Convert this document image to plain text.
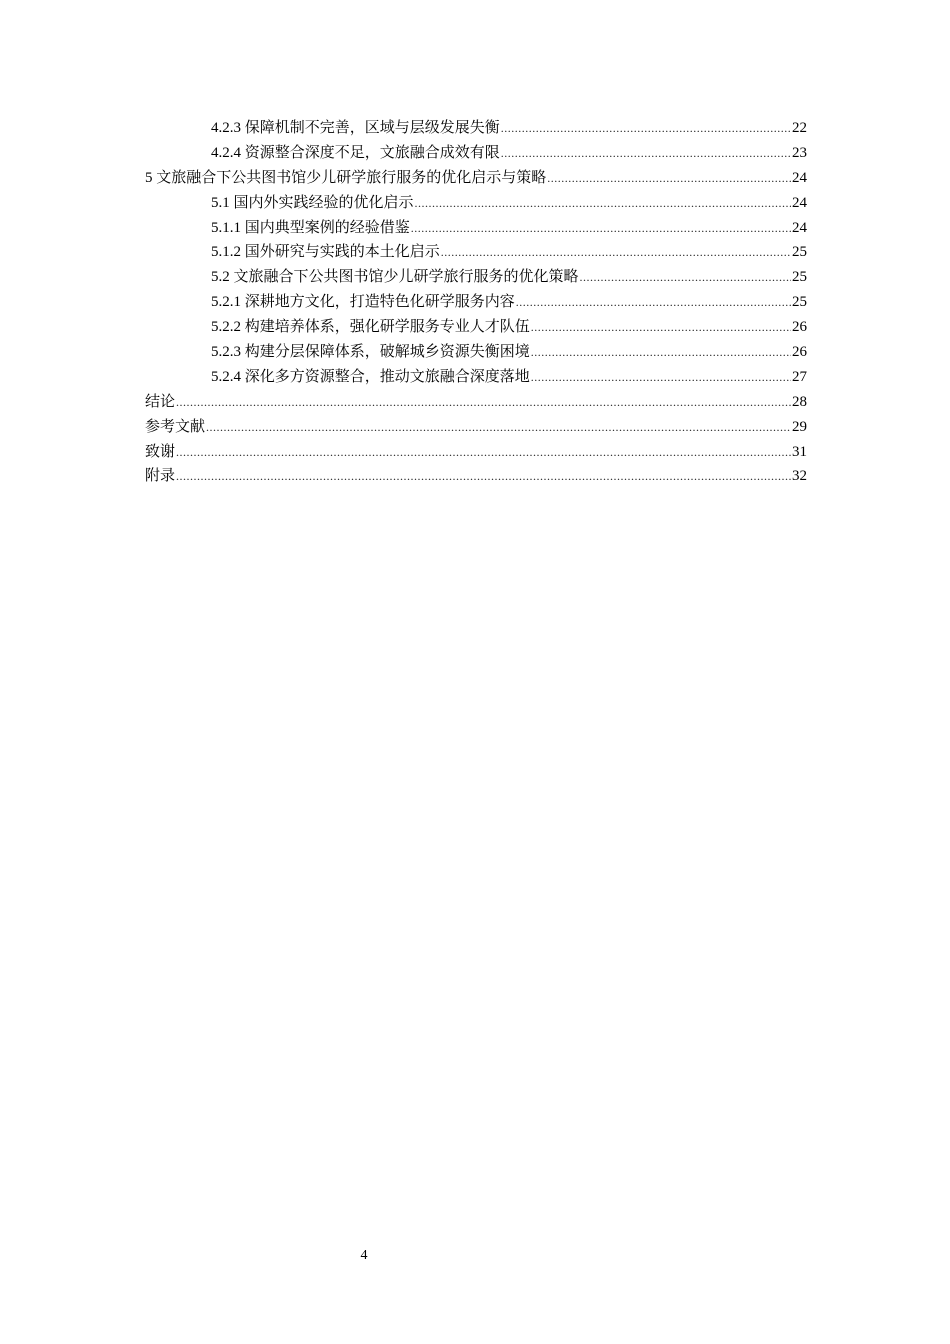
4.2.3 保障机制不完善，区域与层级发展失衡 .....	22
4.2.4 资源整合深度不足，文旅融合成效有限 .....	23
5 文旅融合下公共图书馆少儿研学旅行服务的优化启示与策略 .....	24
5.1 国内外实践经验的优化启示 .....	24
5.1.1 国内典型案例的经验借鉴 .....	24
5.1.2 国外研究与实践的本土化启示 .....	25
5.2 文旅融合下公共图书馆少儿研学旅行服务的优化策略 .....	25
5.2.1 深耕地方文化，打造特色化研学服务内容 .....	25
5.2.2 构建培养体系，强化研学服务专业人才队伍 .....	26
5.2.3 构建分层保障体系，破解城乡资源失衡困境 .....	26
5.2.4 深化多方资源整合，推动文旅融合深度落地 .....	27
结论 .....	28
参考文献 .....	29
致谢 .....	31
附录 .....	32
4
